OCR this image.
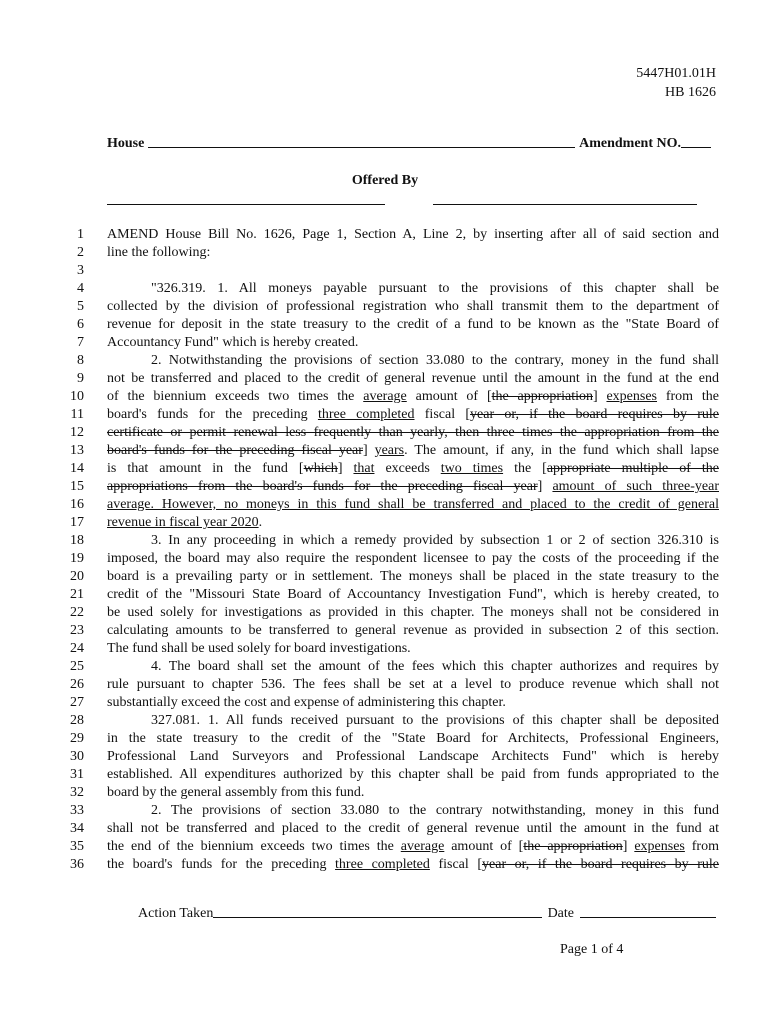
5447H01.01H
HB 1626
House	Amendment NO.
Offered By
1 AMEND House Bill No. 1626, Page 1, Section A, Line 2, by inserting after all of said section and
2 line the following:
3
4	"326.319. 1. All moneys payable pursuant to the provisions of this chapter shall be
5 collected by the division of professional registration who shall transmit them to the department of
6 revenue for deposit in the state treasury to the credit of a fund to be known as the "State Board of
7 Accountancy Fund" which is hereby created.
8	2. Notwithstanding the provisions of section 33.080 to the contrary, money in the fund shall
9 not be transferred and placed to the credit of general revenue until the amount in the fund at the end
10 of the biennium exceeds two times the average amount of [the appropriation] expenses from the
11 board's funds for the preceding three completed fiscal [year or, if the board requires by rule
12 certificate or permit renewal less frequently than yearly, then three times the appropriation from the
13 board's funds for the preceding fiscal year] years. The amount, if any, in the fund which shall lapse
14 is that amount in the fund [which] that exceeds two times the [appropriate multiple of the
15 appropriations from the board's funds for the preceding fiscal year] amount of such three-year
16 average. However, no moneys in this fund shall be transferred and placed to the credit of general
17 revenue in fiscal year 2020.
18	3. In any proceeding in which a remedy provided by subsection 1 or 2 of section 326.310 is
19 imposed, the board may also require the respondent licensee to pay the costs of the proceeding if the
20 board is a prevailing party or in settlement. The moneys shall be placed in the state treasury to the
21 credit of the "Missouri State Board of Accountancy Investigation Fund", which is hereby created, to
22 be used solely for investigations as provided in this chapter. The moneys shall not be considered in
23 calculating amounts to be transferred to general revenue as provided in subsection 2 of this section.
24 The fund shall be used solely for board investigations.
25	4. The board shall set the amount of the fees which this chapter authorizes and requires by
26 rule pursuant to chapter 536. The fees shall be set at a level to produce revenue which shall not
27 substantially exceed the cost and expense of administering this chapter.
28	327.081. 1. All funds received pursuant to the provisions of this chapter shall be deposited
29 in the state treasury to the credit of the "State Board for Architects, Professional Engineers,
30 Professional Land Surveyors and Professional Landscape Architects Fund" which is hereby
31 established. All expenditures authorized by this chapter shall be paid from funds appropriated to the
32 board by the general assembly from this fund.
33	2. The provisions of section 33.080 to the contrary notwithstanding, money in this fund
34 shall not be transferred and placed to the credit of general revenue until the amount in the fund at
35 the end of the biennium exceeds two times the average amount of [the appropriation] expenses from
36 the board's funds for the preceding three completed fiscal [year or, if the board requires by rule
Action Taken	Date
Page 1 of 4
